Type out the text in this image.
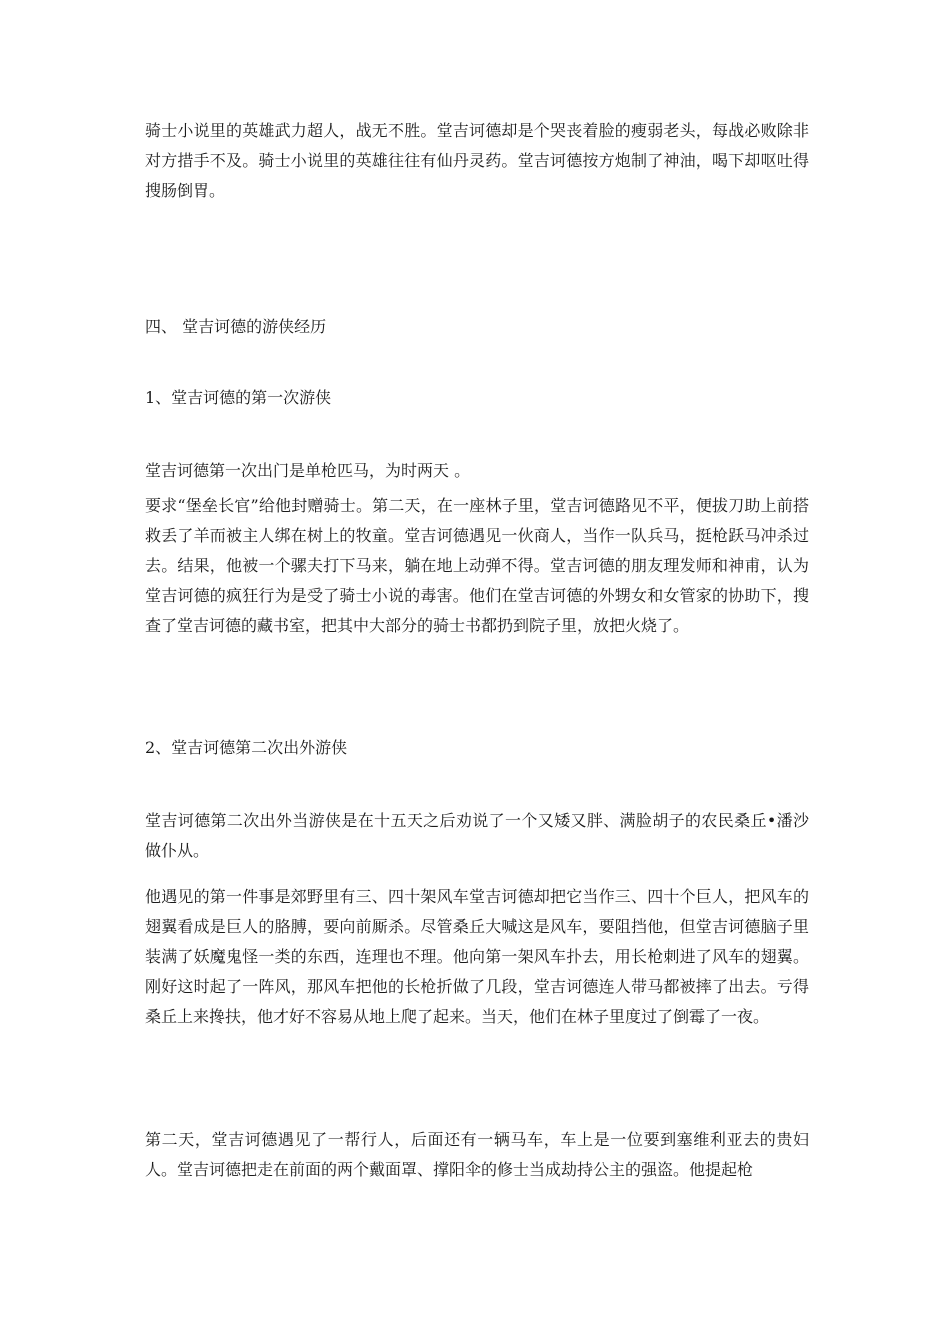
骑士小说里的英雄武力超人，战无不胜。堂吉诃德却是个哭丧着脸的瘦弱老头，每战必败除非对方措手不及。骑士小说里的英雄往往有仙丹灵药。堂吉诃德按方炮制了神油，喝下却呕吐得搜肠倒胃。

四、 堂吉诃德的游侠经历

1、堂吉诃德的第一次游侠

堂吉诃德第一次出门是单枪匹马，为时两天 。

要求“堡垒长官”给他封赠骑士。第二天，在一座林子里，堂吉诃德路见不平，便拔刀助上前搭救丢了羊而被主人绑在树上的牧童。堂吉诃德遇见一伙商人，当作一队兵马，挺枪跃马冲杀过去。结果，他被一个骡夫打下马来，躺在地上动弹不得。堂吉诃德的朋友理发师和神甫，认为堂吉诃德的疯狂行为是受了骑士小说的毒害。他们在堂吉诃德的外甥女和女管家的协助下，搜查了堂吉诃德的藏书室，把其中大部分的骑士书都扔到院子里，放把火烧了。

2、堂吉诃德第二次出外游侠

堂吉诃德第二次出外当游侠是在十五天之后劝说了一个又矮又胖、满脸胡子的农民桑丘•潘沙做仆从。

他遇见的第一件事是郊野里有三、四十架风车堂吉诃德却把它当作三、四十个巨人，把风车的翅翼看成是巨人的胳膊，要向前厮杀。尽管桑丘大喊这是风车，要阻挡他，但堂吉诃德脑子里装满了妖魔鬼怪一类的东西，连理也不理。他向第一架风车扑去，用长枪刺进了风车的翅翼。刚好这时起了一阵风，那风车把他的长枪折做了几段，堂吉诃德连人带马都被摔了出去。亏得桑丘上来搀扶，他才好不容易从地上爬了起来。当天，他们在林子里度过了倒霉了一夜。

第二天，堂吉诃德遇见了一帮行人，后面还有一辆马车，车上是一位要到塞维利亚去的贵妇人。堂吉诃德把走在前面的两个戴面罩、撑阳伞的修士当成劫持公主的强盗。他提起枪
